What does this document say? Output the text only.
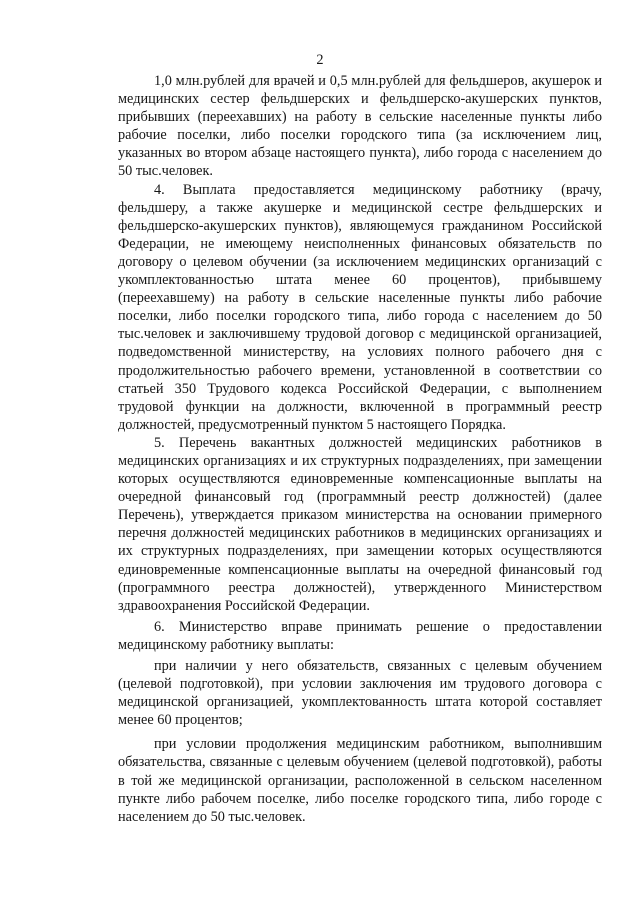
2

1,0 млн.рублей для врачей и 0,5 млн.рублей для фельдшеров, акушерок и медицинских сестер фельдшерских и фельдшерско-акушерских пунктов, прибывших (переехавших) на работу в сельские населенные пункты либо рабочие поселки, либо поселки городского типа (за исключением лиц, указанных во втором абзаце настоящего пункта), либо города с населением до 50 тыс.человек.

4. Выплата предоставляется медицинскому работнику (врачу, фельдшеру, а также акушерке и медицинской сестре фельдшерских и фельдшерско-акушерских пунктов), являющемуся гражданином Российской Федерации, не имеющему неисполненных финансовых обязательств по договору о целевом обучении (за исключением медицинских организаций с укомплектованностью штата менее 60 процентов), прибывшему (переехавшему) на работу в сельские населенные пункты либо рабочие поселки, либо поселки городского типа, либо города с населением до 50 тыс.человек и заключившему трудовой договор с медицинской организацией, подведомственной министерству, на условиях полного рабочего дня с продолжительностью рабочего времени, установленной в соответствии со статьей 350 Трудового кодекса Российской Федерации, с выполнением трудовой функции на должности, включенной в программный реестр должностей, предусмотренный пунктом 5 настоящего Порядка.

5. Перечень вакантных должностей медицинских работников в медицинских организациях и их структурных подразделениях, при замещении которых осуществляются единовременные компенсационные выплаты на очередной финансовый год (программный реестр должностей) (далее Перечень), утверждается приказом министерства на основании примерного перечня должностей медицинских работников в медицинских организациях и их структурных подразделениях, при замещении которых осуществляются единовременные компенсационные выплаты на очередной финансовый год (программного реестра должностей), утвержденного Министерством здравоохранения Российской Федерации.

6. Министерство вправе принимать решение о предоставлении медицинскому работнику выплаты:

при наличии у него обязательств, связанных с целевым обучением (целевой подготовкой), при условии заключения им трудового договора с медицинской организацией, укомплектованность штата которой составляет менее 60 процентов;

при условии продолжения медицинским работником, выполнившим обязательства, связанные с целевым обучением (целевой подготовкой), работы в той же медицинской организации, расположенной в сельском населенном пункте либо рабочем поселке, либо поселке городского типа, либо городе с населением до 50 тыс.человек.
